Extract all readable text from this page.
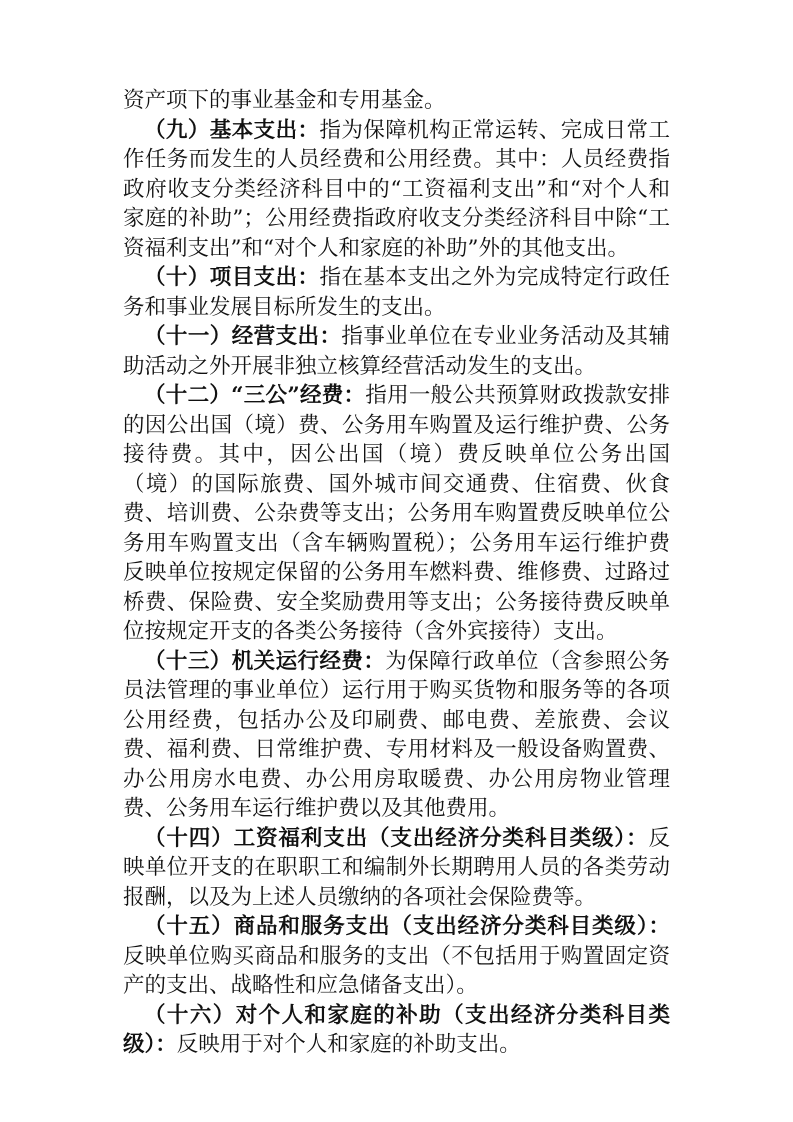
资产项下的事业基金和专用基金。

（九）基本支出：指为保障机构正常运转、完成日常工作任务而发生的人员经费和公用经费。其中：人员经费指政府收支分类经济科目中的“工资福利支出”和“对个人和家庭的补助”；公用经费指政府收支分类经济科目中除“工资福利支出”和“对个人和家庭的补助”外的其他支出。

（十）项目支出：指在基本支出之外为完成特定行政任务和事业发展目标所发生的支出。

（十一）经营支出：指事业单位在专业业务活动及其辅助活动之外开展非独立核算经营活动发生的支出。

（十二）“三公”经费：指用一般公共预算财政拨款安排的因公出国（境）费、公务用车购置及运行维护费、公务接待费。其中，因公出国（境）费反映单位公务出国（境）的国际旅费、国外城市间交通费、住宿费、伙食费、培训费、公杂费等支出；公务用车购置费反映单位公务用车购置支出（含车辆购置税）；公务用车运行维护费反映单位按规定保留的公务用车燃料费、维修费、过路过桥费、保险费、安全奖励费用等支出；公务接待费反映单位按规定开支的各类公务接待（含外宾接待）支出。

（十三）机关运行经费：为保障行政单位（含参照公务员法管理的事业单位）运行用于购买货物和服务等的各项公用经费，包括办公及印刷费、邮电费、差旅费、会议费、福利费、日常维护费、专用材料及一般设备购置费、办公用房水电费、办公用房取暖费、办公用房物业管理费、公务用车运行维护费以及其他费用。

（十四）工资福利支出（支出经济分类科目类级）：反映单位开支的在职职工和编制外长期聘用人员的各类劳动报酬，以及为上述人员缴纳的各项社会保险费等。

（十五）商品和服务支出（支出经济分类科目类级）：反映单位购买商品和服务的支出（不包括用于购置固定资产的支出、战略性和应急储备支出）。

（十六）对个人和家庭的补助（支出经济分类科目类级）：反映用于对个人和家庭的补助支出。
